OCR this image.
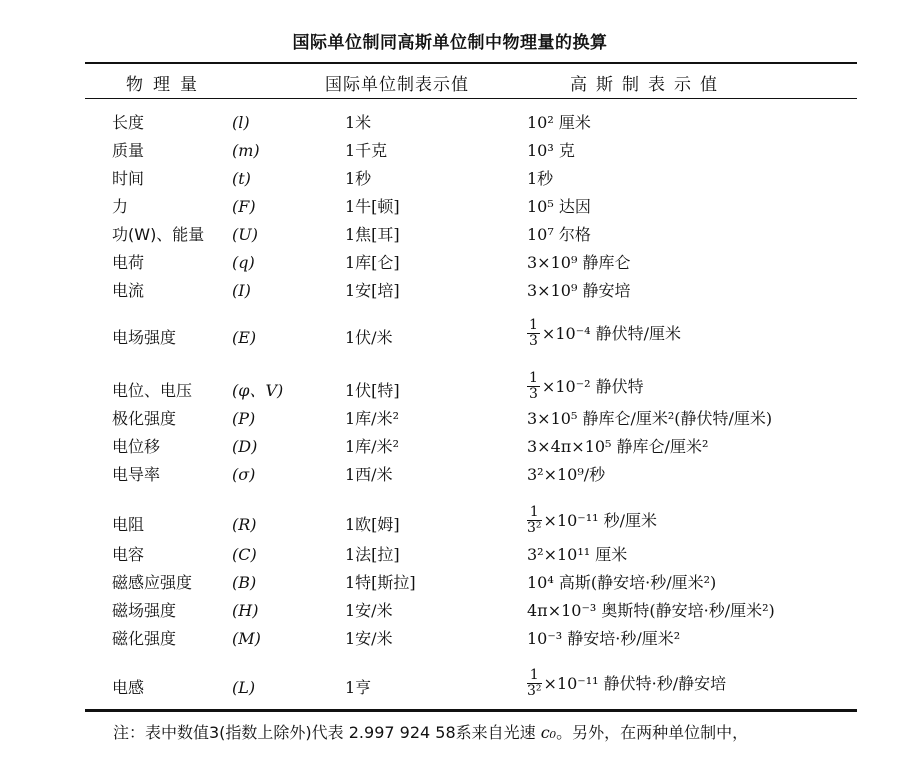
国际单位制同高斯单位制中物理量的换算
物理量	国际单位制表示值	高斯制表示值
长度	(l)	1米	10² 厘米
质量	(m)	1千克	10³ 克
时间	(t)	1秒	1秒
力	(F)	1牛[顿]	10⁵ 达因
功(W)、能量 (U)	1焦[耳]	10⁷ 尔格
电荷	(q)	1库[仑]	3×10⁹ 静库仑
电流	(I)	1安[培]	3×10⁹ 静安培
电场强度	(E)	1伏/米	$\frac{1}{3} \times 10^{-4}$ 静伏特/厘米
电位、电压 (φ、V)	1伏[特]	$\frac{1}{3} \times 10^{-2}$ 静伏特
极化强度	(P)	1库/米²	3×10⁵ 静库仑/厘米²(静伏特/厘米)
电位移	(D)	1库/米²	3×4π×10⁵ 静库仑/厘米²
电导率	(σ)	1西/米	3²×10⁹/秒
电阻	(R)	1欧[姆]	$\frac{1}{\text{3²}} \times 10^{-11}$ 秒/厘米
电容	(C)	1法[拉]	3²×10¹¹ 厘米
磁感应强度 (B)	1特[斯拉]	10⁴ 高斯(静安培·秒/厘米²)
磁场强度	(H)	1安/米	4π×10⁻³ 奥斯特(静安培·秒/厘米²)
磁化强度	(M)	1安/米	10⁻³ 静安培·秒/厘米²
电感	(L)	1亨	$\frac{1}{\text{3²}} \times 10^{-11}$ 静伏特·秒/静安培
注：表中数值3(指数上除外)代表 2.997 924 58系来自光速 c₀。另外，在两种单位制中，
